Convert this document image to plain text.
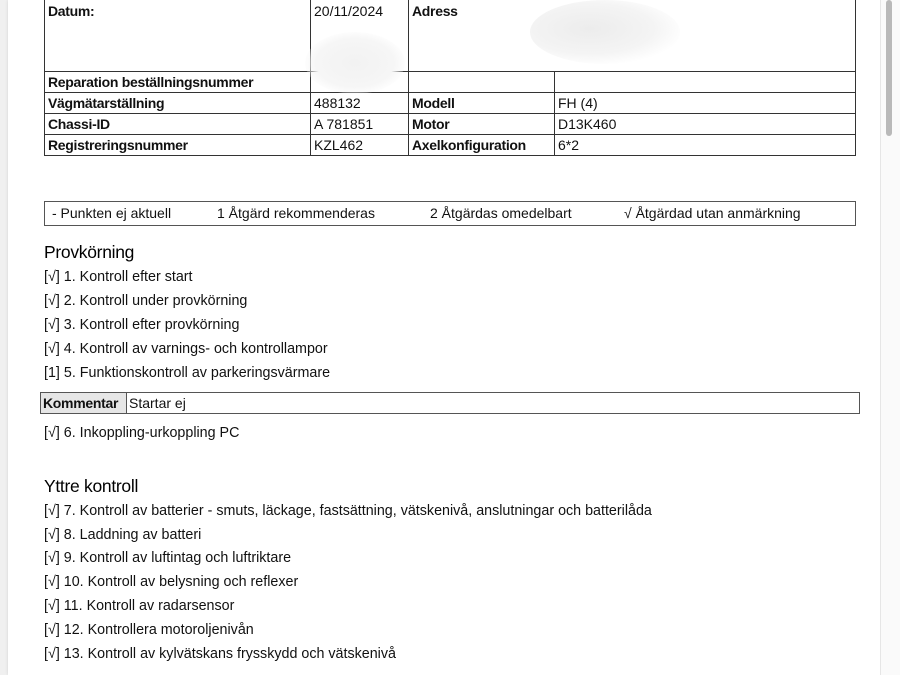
Datum:	20/11/2024	Adress	
Reparation beställningsnummer			
Vägmätarställning	488132	Modell	FH (4)
Chassi-ID	A 781851	Motor	D13K460
Registreringsnummer	KZL462	Axelkonfiguration	6*2
- Punkten ej aktuell	1 Åtgärd rekommenderas	2 Åtgärdas omedelbart	√ Åtgärdad utan anmärkning
Provkörning
[√] 1. Kontroll efter start
[√] 2. Kontroll under provkörning
[√] 3. Kontroll efter provkörning
[√] 4. Kontroll av varnings- och kontrollampor
[1] 5. Funktionskontroll av parkeringsvärmare
Kommentar Startar ej
[√] 6. Inkoppling-urkoppling PC
Yttre kontroll
[√] 7. Kontroll av batterier - smuts, läckage, fastsättning, vätskenivå, anslutningar och batterilåda
[√] 8. Laddning av batteri
[√] 9. Kontroll av luftintag och luftriktare
[√] 10. Kontroll av belysning och reflexer
[√] 11. Kontroll av radarsensor
[√] 12. Kontrollera motoroljenivån
[√] 13. Kontroll av kylvätskans frysskydd och vätskenivå
